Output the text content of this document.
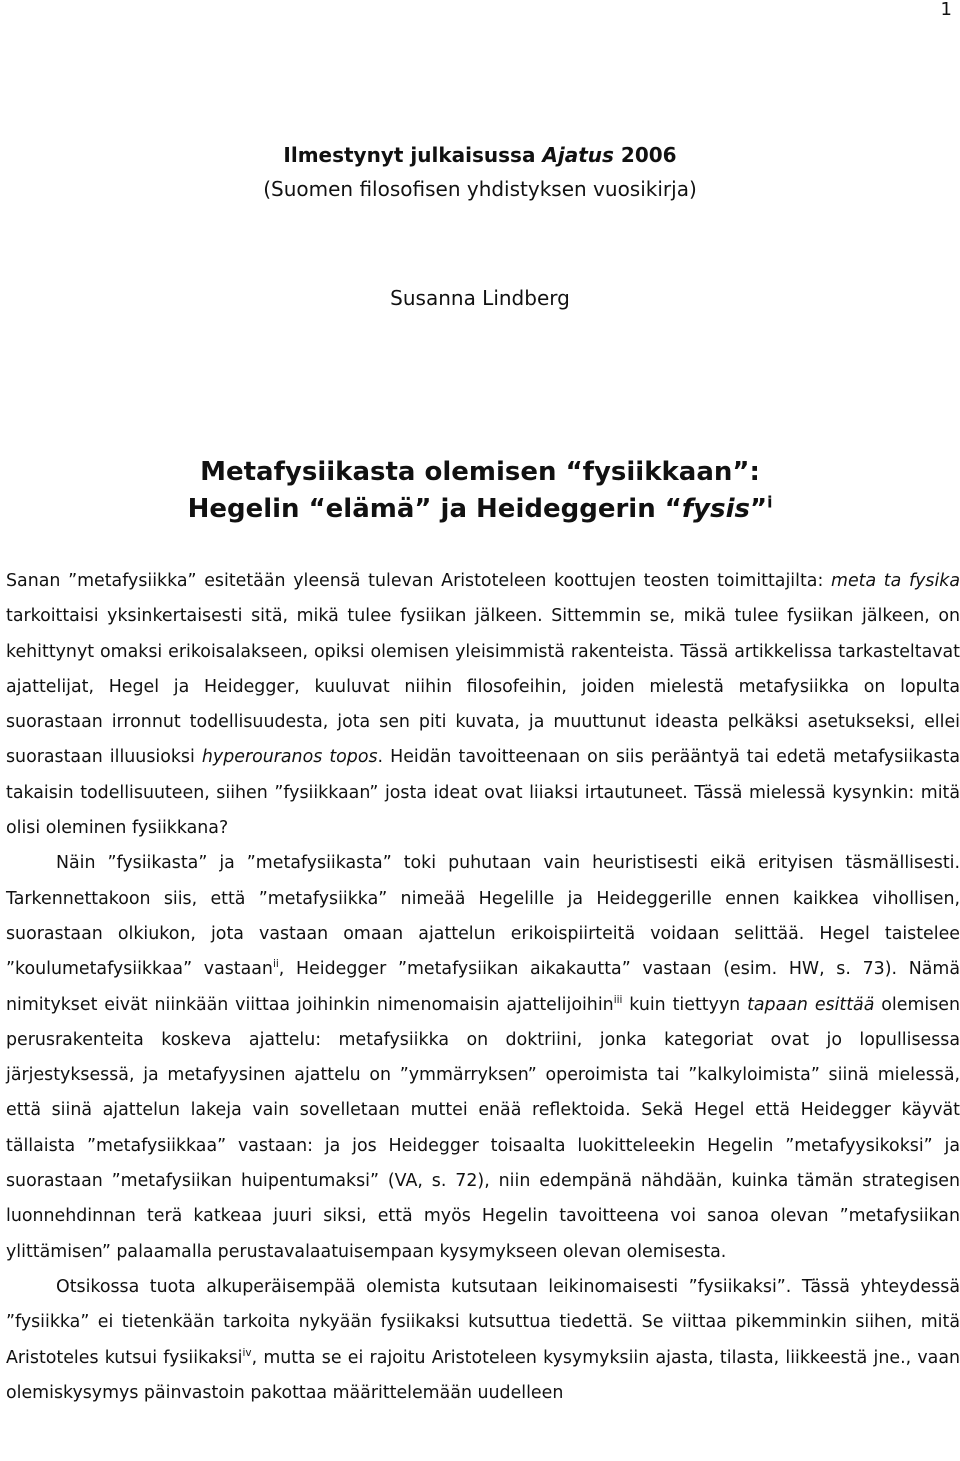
1
Ilmestynyt julkaisussa Ajatus 2006
(Suomen filosofisen yhdistyksen vuosikirja)
Susanna Lindberg
Metafysiikasta olemisen “fysiikkaan”:
Hegelin “elämä” ja Heideggerin “fysis”$^i$

Sanan ”metafysiikka” esitetään yleensä tulevan Aristoteleen koottujen teosten toimittajilta: meta ta fysika tarkoittaisi yksinkertaisesti sitä, mikä tulee fysiikan jälkeen. Sittemmin se, mikä tulee fysiikan jälkeen, on kehittynyt omaksi erikoisalakseen, opiksi olemisen yleisimmistä rakenteista. Tässä artikkelissa tarkasteltavat ajattelijat, Hegel ja Heidegger, kuuluvat niihin filosofeihin, joiden mielestä metafysiikka on lopulta suorastaan irronnut todellisuudesta, jota sen piti kuvata, ja muuttunut ideasta pelkäksi asetukseksi, ellei suorastaan illuusioksi hyperouranos topos. Heidän tavoitteenaan on siis perääntyä tai edetä metafysiikasta takaisin todellisuuteen, siihen ”fysiikkaan” josta ideat ovat liiaksi irtautuneet. Tässä mielessä kysynkin: mitä olisi oleminen fysiikkana?

Näin ”fysiikasta” ja ”metafysiikasta” toki puhutaan vain heuristisesti eikä erityisen täsmällisesti. Tarkennettakoon siis, että ”metafysiikka” nimeää Hegelille ja Heideggerille ennen kaikkea vihollisen, suorastaan olkiukon, jota vastaan omaan ajattelun erikoispiirteitä voidaan selittää. Hegel taistelee ”koulumetafysiikkaa” vastaan$^{ii}$, Heidegger ”metafysiikan aikakautta” vastaan (esim. HW, s. 73). Nämä nimitykset eivät niinkään viittaa joihinkin nimenomaisin ajattelijoihin$^{iii}$ kuin tiettyyn tapaan esittää olemisen perusrakenteita koskeva ajattelu: metafysiikka on doktriini, jonka kategoriat ovat jo lopullisessa järjestyksessä, ja metafyysinen ajattelu on ”ymmärryksen” operoimista tai ”kalkyloimista” siinä mielessä, että siinä ajattelun lakeja vain sovelletaan muttei enää reflektoida. Sekä Hegel että Heidegger käyvät tällaista ”metafysiikkaa” vastaan: ja jos Heidegger toisaalta luokitteleekin Hegelin ”metafyysikoksi” ja suorastaan ”metafysiikan huipentumaksi” (VA, s. 72), niin edempänä nähdään, kuinka tämän strategisen luonnehdinnan terä katkeaa juuri siksi, että myös Hegelin tavoitteena voi sanoa olevan ”metafysiikan ylittämisen” palaamalla perustavalaatuisempaan kysymykseen olevan olemisesta.

Otsikossa tuota alkuperäisempää olemista kutsutaan leikinomaisesti ”fysiikaksi”. Tässä yhteydessä ”fysiikka” ei tietenkään tarkoita nykyään fysiikaksi kutsuttua tiedettä. Se viittaa pikemminkin siihen, mitä Aristoteles kutsui fysiikaksi$^{iv}$, mutta se ei rajoitu Aristoteleen kysymyksiin ajasta, tilasta, liikkeestä jne., vaan olemiskysymys päinvastoin pakottaa määrittelemään uudelleen
